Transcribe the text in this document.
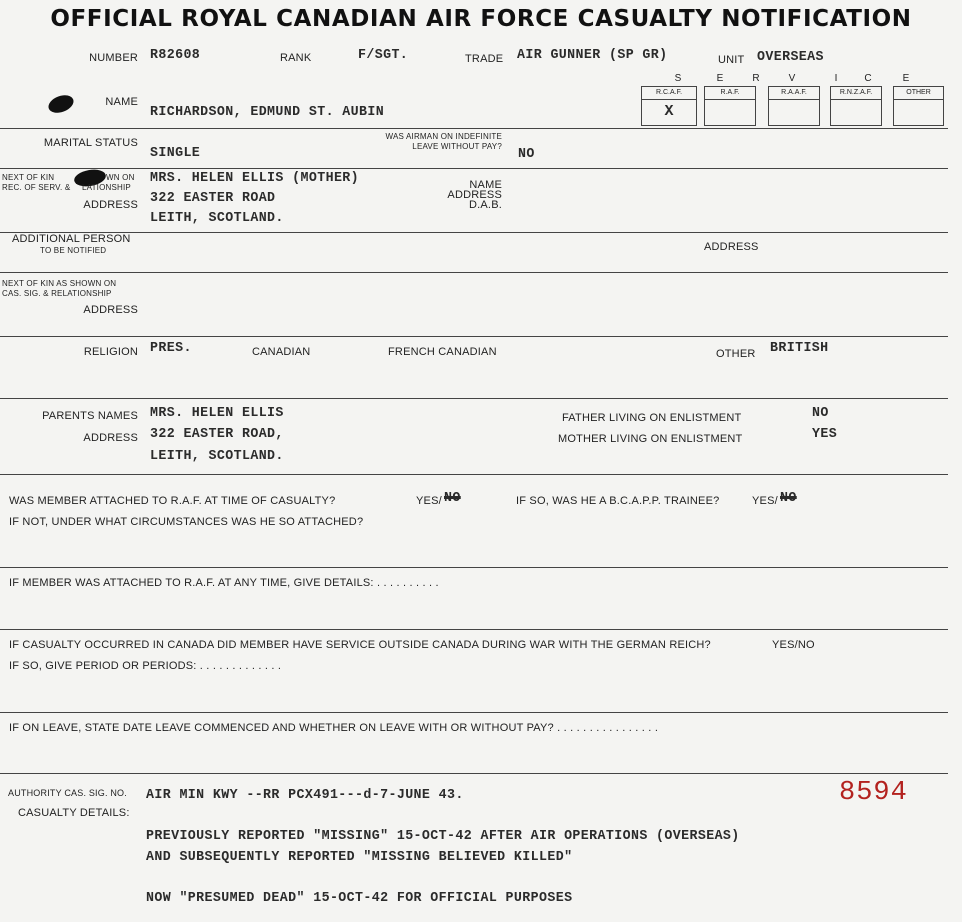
OFFICIAL ROYAL CANADIAN AIR FORCE CASUALTY NOTIFICATION
NUMBER R82608	RANK	F/SGT.	TRADE AIR GUNNER (SP GR)	UNIT OVERSEAS
S	E	R	V	I	C	E
R.C.A.F.
X
R.A.F.	R.A.A.F.	R.N.Z.A.F.	OTHER
NAME
RICHARDSON, EDMUND ST. AUBIN
MARITAL STATUS
SINGLE
WAS AIRMAN ON INDEFINITE
LEAVE WITHOUT PAY? NO
NEXT OF KIN	WN ON
REC. OF SERV. & LATIONSHIP
ADDRESS
MRS. HELEN ELLIS (MOTHER)
322 EASTER ROAD
LEITH, SCOTLAND.
NAME
ADDRESS
D.A.B.
ADDITIONAL PERSON
TO BE NOTIFIED	ADDRESS
NEXT OF KIN AS SHOWN ON
CAS. SIG. & RELATIONSHIP
ADDRESS
RELIGION PRES.	CANADIAN	FRENCH CANADIAN	OTHER BRITISH
PARENTS NAMES
ADDRESS
MRS. HELEN ELLIS
322 EASTER ROAD,
LEITH, SCOTLAND.
FATHER LIVING ON ENLISTMENT	NO
MOTHER LIVING ON ENLISTMENT	YES
WAS MEMBER ATTACHED TO R.A.F. AT TIME OF CASUALTY?	YES/ NO	IF SO, WAS HE A B.C.A.P.P. TRAINEE?	YES/ NO
IF NOT, UNDER WHAT CIRCUMSTANCES WAS HE SO ATTACHED?
IF MEMBER WAS ATTACHED TO R.A.F. AT ANY TIME, GIVE DETAILS: . . . . . . . . . .
IF CASUALTY OCCURRED IN CANADA DID MEMBER HAVE SERVICE OUTSIDE CANADA DURING WAR WITH THE GERMAN REICH?	YES/NO
IF SO, GIVE PERIOD OR PERIODS: . . . . . . . . . . . . .
IF ON LEAVE, STATE DATE LEAVE COMMENCED AND WHETHER ON LEAVE WITH OR WITHOUT PAY? . . . . . . . . . . . . . . . .
AUTHORITY CAS. SIG. NO.
CASUALTY DETAILS:
AIR MIN KWY --RR PCX491---d-7-JUNE 43.	8594
PREVIOUSLY REPORTED "MISSING" 15-OCT-42 AFTER AIR OPERATIONS (OVERSEAS)
AND SUBSEQUENTLY REPORTED "MISSING BELIEVED KILLED"
NOW "PRESUMED DEAD" 15-OCT-42 FOR OFFICIAL PURPOSES
